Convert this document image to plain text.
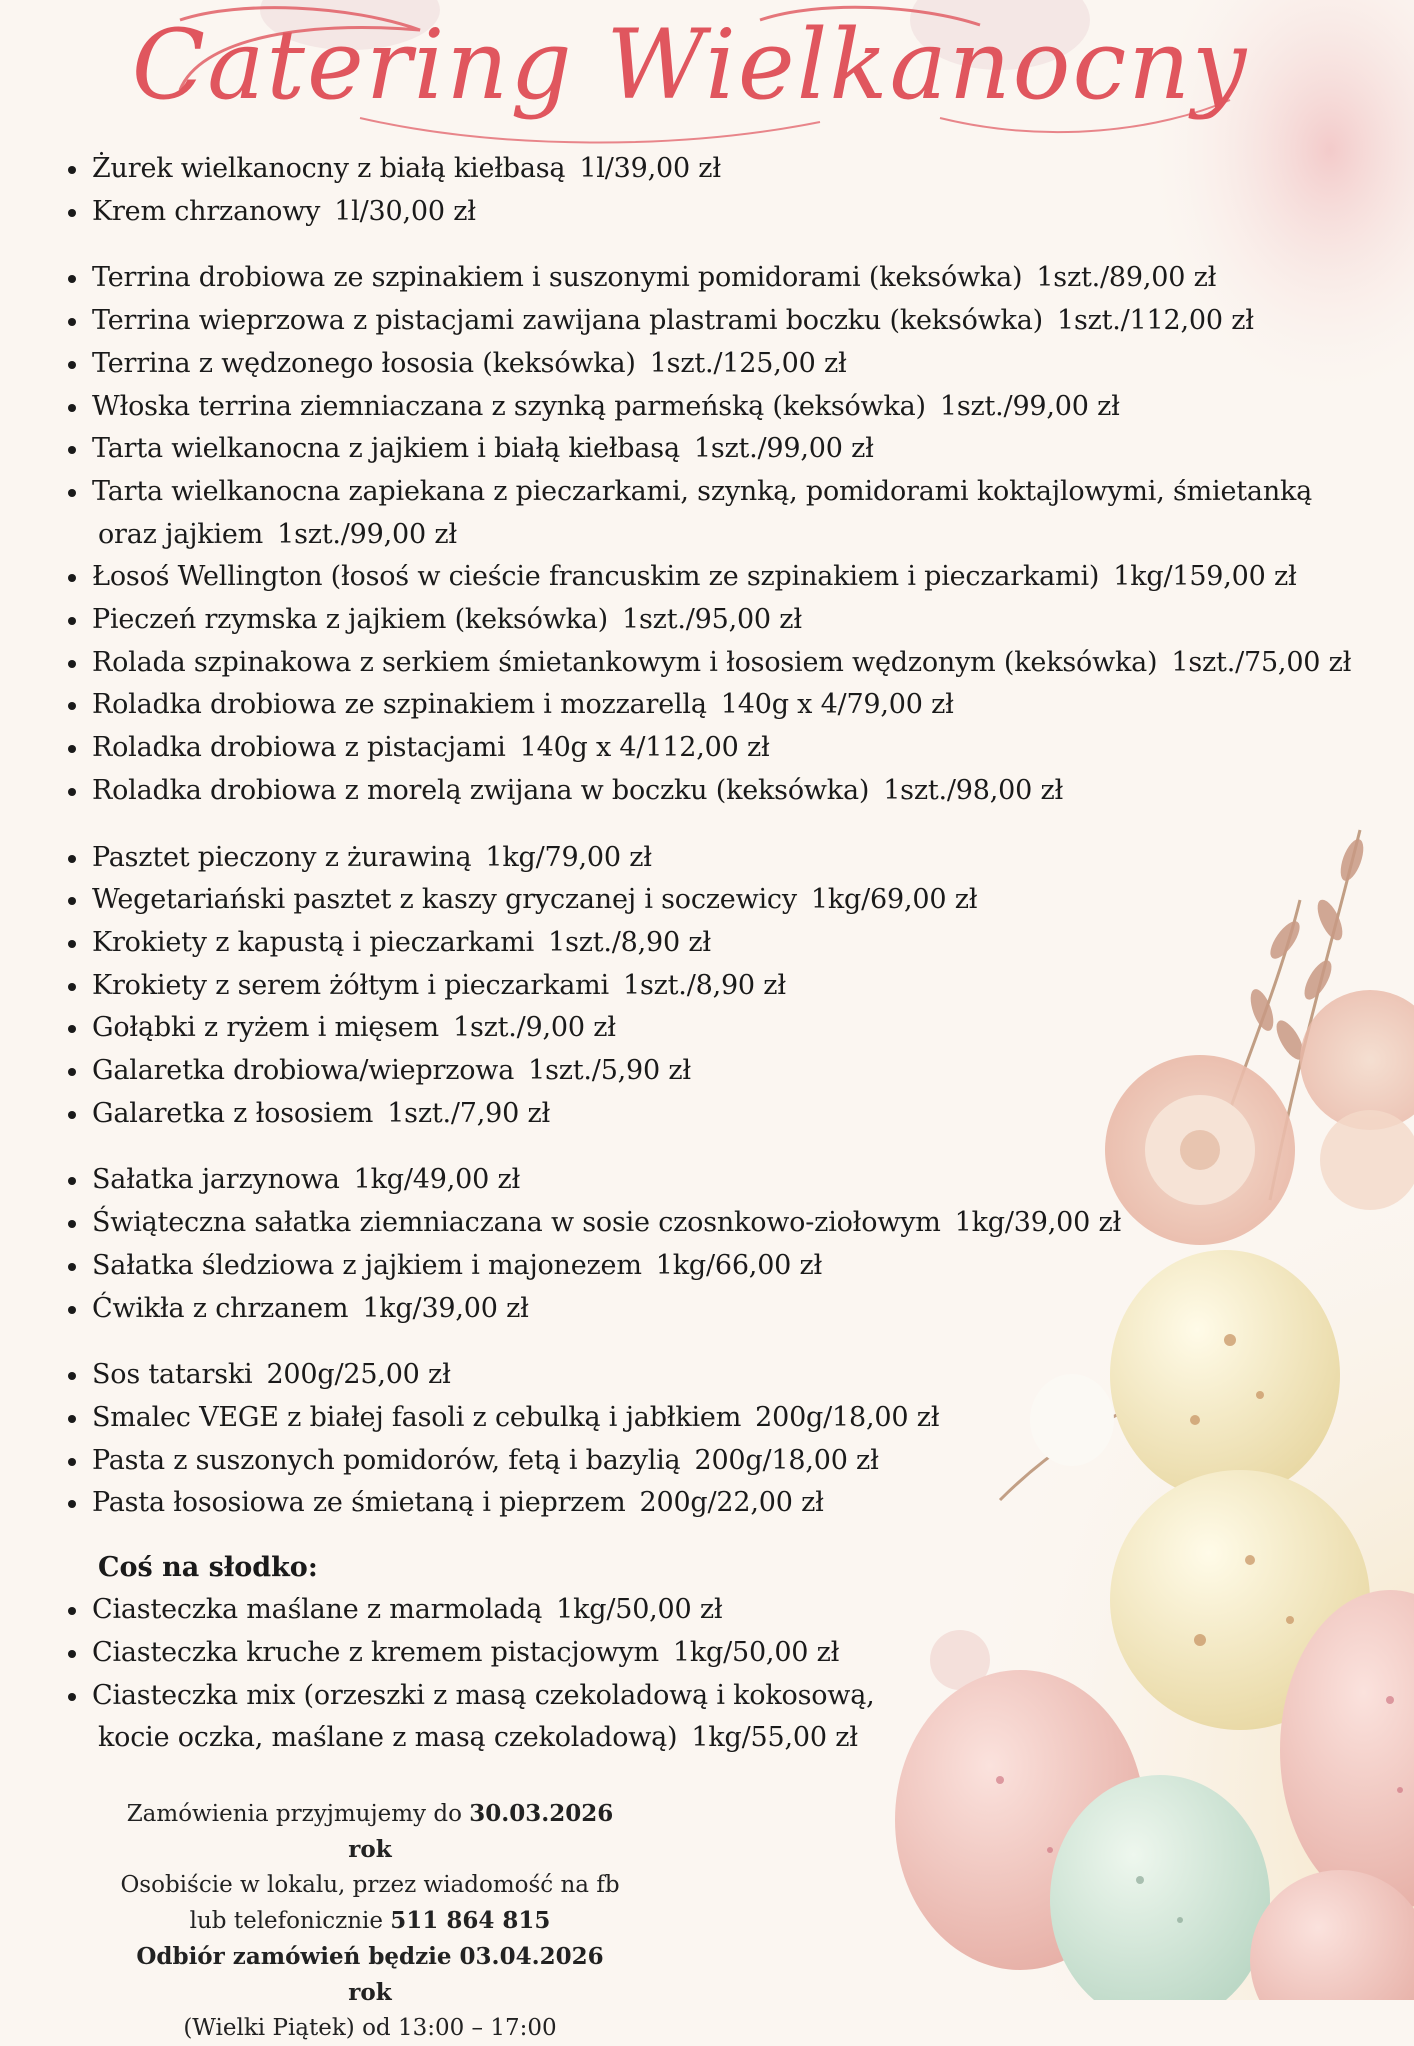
Catering Wielkanocny
Żurek wielkanocny z białą kiełbasą 1l/39,00 zł
Krem chrzanowy 1l/30,00 zł
Terrina drobiowa ze szpinakiem i suszonymi pomidorami (keksówka) 1szt./89,00 zł
Terrina wieprzowa z pistacjami zawijana plastrami boczku (keksówka) 1szt./112,00 zł
Terrina z wędzonego łososia (keksówka) 1szt./125,00 zł
Włoska terrina ziemniaczana z szynką parmeńską (keksówka) 1szt./99,00 zł
Tarta wielkanocna z jajkiem i białą kiełbasą 1szt./99,00 zł
Tarta wielkanocna zapiekana z pieczarkami, szynką, pomidorami koktajlowymi, śmietanką
oraz jajkiem 1szt./99,00 zł
Łosoś Wellington (łosoś w cieście francuskim ze szpinakiem i pieczarkami) 1kg/159,00 zł
Pieczeń rzymska z jajkiem (keksówka) 1szt./95,00 zł
Rolada szpinakowa z serkiem śmietankowym i łososiem wędzonym (keksówka) 1szt./75,00 zł
Roladka drobiowa ze szpinakiem i mozzarellą 140g x 4/79,00 zł
Roladka drobiowa z pistacjami 140g x 4/112,00 zł
Roladka drobiowa z morelą zwijana w boczku (keksówka) 1szt./98,00 zł
Pasztet pieczony z żurawiną 1kg/79,00 zł
Wegetariański pasztet z kaszy gryczanej i soczewicy 1kg/69,00 zł
Krokiety z kapustą i pieczarkami 1szt./8,90 zł
Krokiety z serem żółtym i pieczarkami 1szt./8,90 zł
Gołąbki z ryżem i mięsem 1szt./9,00 zł
Galaretka drobiowa/wieprzowa 1szt./5,90 zł
Galaretka z łososiem 1szt./7,90 zł
Sałatka jarzynowa 1kg/49,00 zł
Świąteczna sałatka ziemniaczana w sosie czosnkowo-ziołowym 1kg/39,00 zł
Sałatka śledziowa z jajkiem i majonezem 1kg/66,00 zł
Ćwikła z chrzanem 1kg/39,00 zł
Sos tatarski 200g/25,00 zł
Smalec VEGE z białej fasoli z cebulką i jabłkiem 200g/18,00 zł
Pasta z suszonych pomidorów, fetą i bazylią 200g/18,00 zł
Pasta łososiowa ze śmietaną i pieprzem 200g/22,00 zł
Coś na słodko:
Ciasteczka maślane z marmoladą 1kg/50,00 zł
Ciasteczka kruche z kremem pistacjowym 1kg/50,00 zł
Ciasteczka mix (orzeszki z masą czekoladową i kokosową,
kocie oczka, maślane z masą czekoladową) 1kg/55,00 zł
Zamówienia przyjmujemy do 30.03.2026 rok
Osobiście w lokalu, przez wiadomość na fb
lub telefonicznie 511 864 815
Odbiór zamówień będzie 03.04.2026 rok
(Wielki Piątek) od 13:00 – 17:00
